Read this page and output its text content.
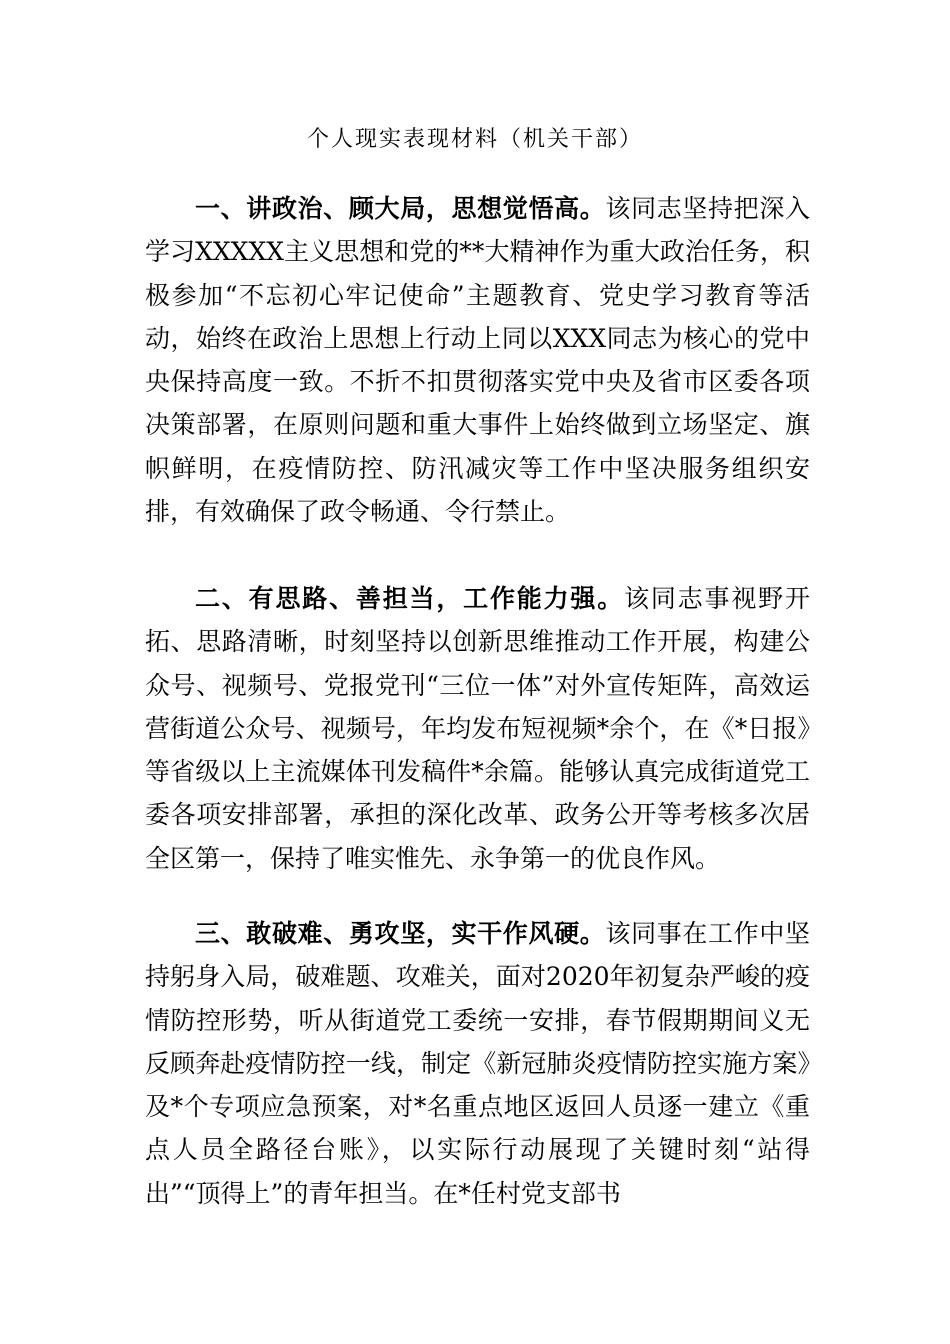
个人现实表现材料（机关干部）

一、讲政治、顾大局，思想觉悟高。该同志坚持把深入学习XXXXX主义思想和党的**大精神作为重大政治任务，积极参加“不忘初心牢记使命”主题教育、党史学习教育等活动，始终在政治上思想上行动上同以XXX同志为核心的党中央保持高度一致。不折不扣贯彻落实党中央及省市区委各项决策部署，在原则问题和重大事件上始终做到立场坚定、旗帜鲜明，在疫情防控、防汛减灾等工作中坚决服务组织安排，有效确保了政令畅通、令行禁止。

二、有思路、善担当，工作能力强。该同志事视野开拓、思路清晰，时刻坚持以创新思维推动工作开展，构建公众号、视频号、党报党刊“三位一体”对外宣传矩阵，高效运营街道公众号、视频号，年均发布短视频*余个，在《*日报》等省级以上主流媒体刊发稿件*余篇。能够认真完成街道党工委各项安排部署，承担的深化改革、政务公开等考核多次居全区第一，保持了唯实惟先、永争第一的优良作风。

三、敢破难、勇攻坚，实干作风硬。该同事在工作中坚持躬身入局，破难题、攻难关，面对2020年初复杂严峻的疫情防控形势，听从街道党工委统一安排，春节假期期间义无反顾奔赴疫情防控一线，制定《新冠肺炎疫情防控实施方案》及*个专项应急预案，对*名重点地区返回人员逐一建立《重点人员全路径台账》，以实际行动展现了关键时刻“站得出”“顶得上”的青年担当。在*任村党支部书
